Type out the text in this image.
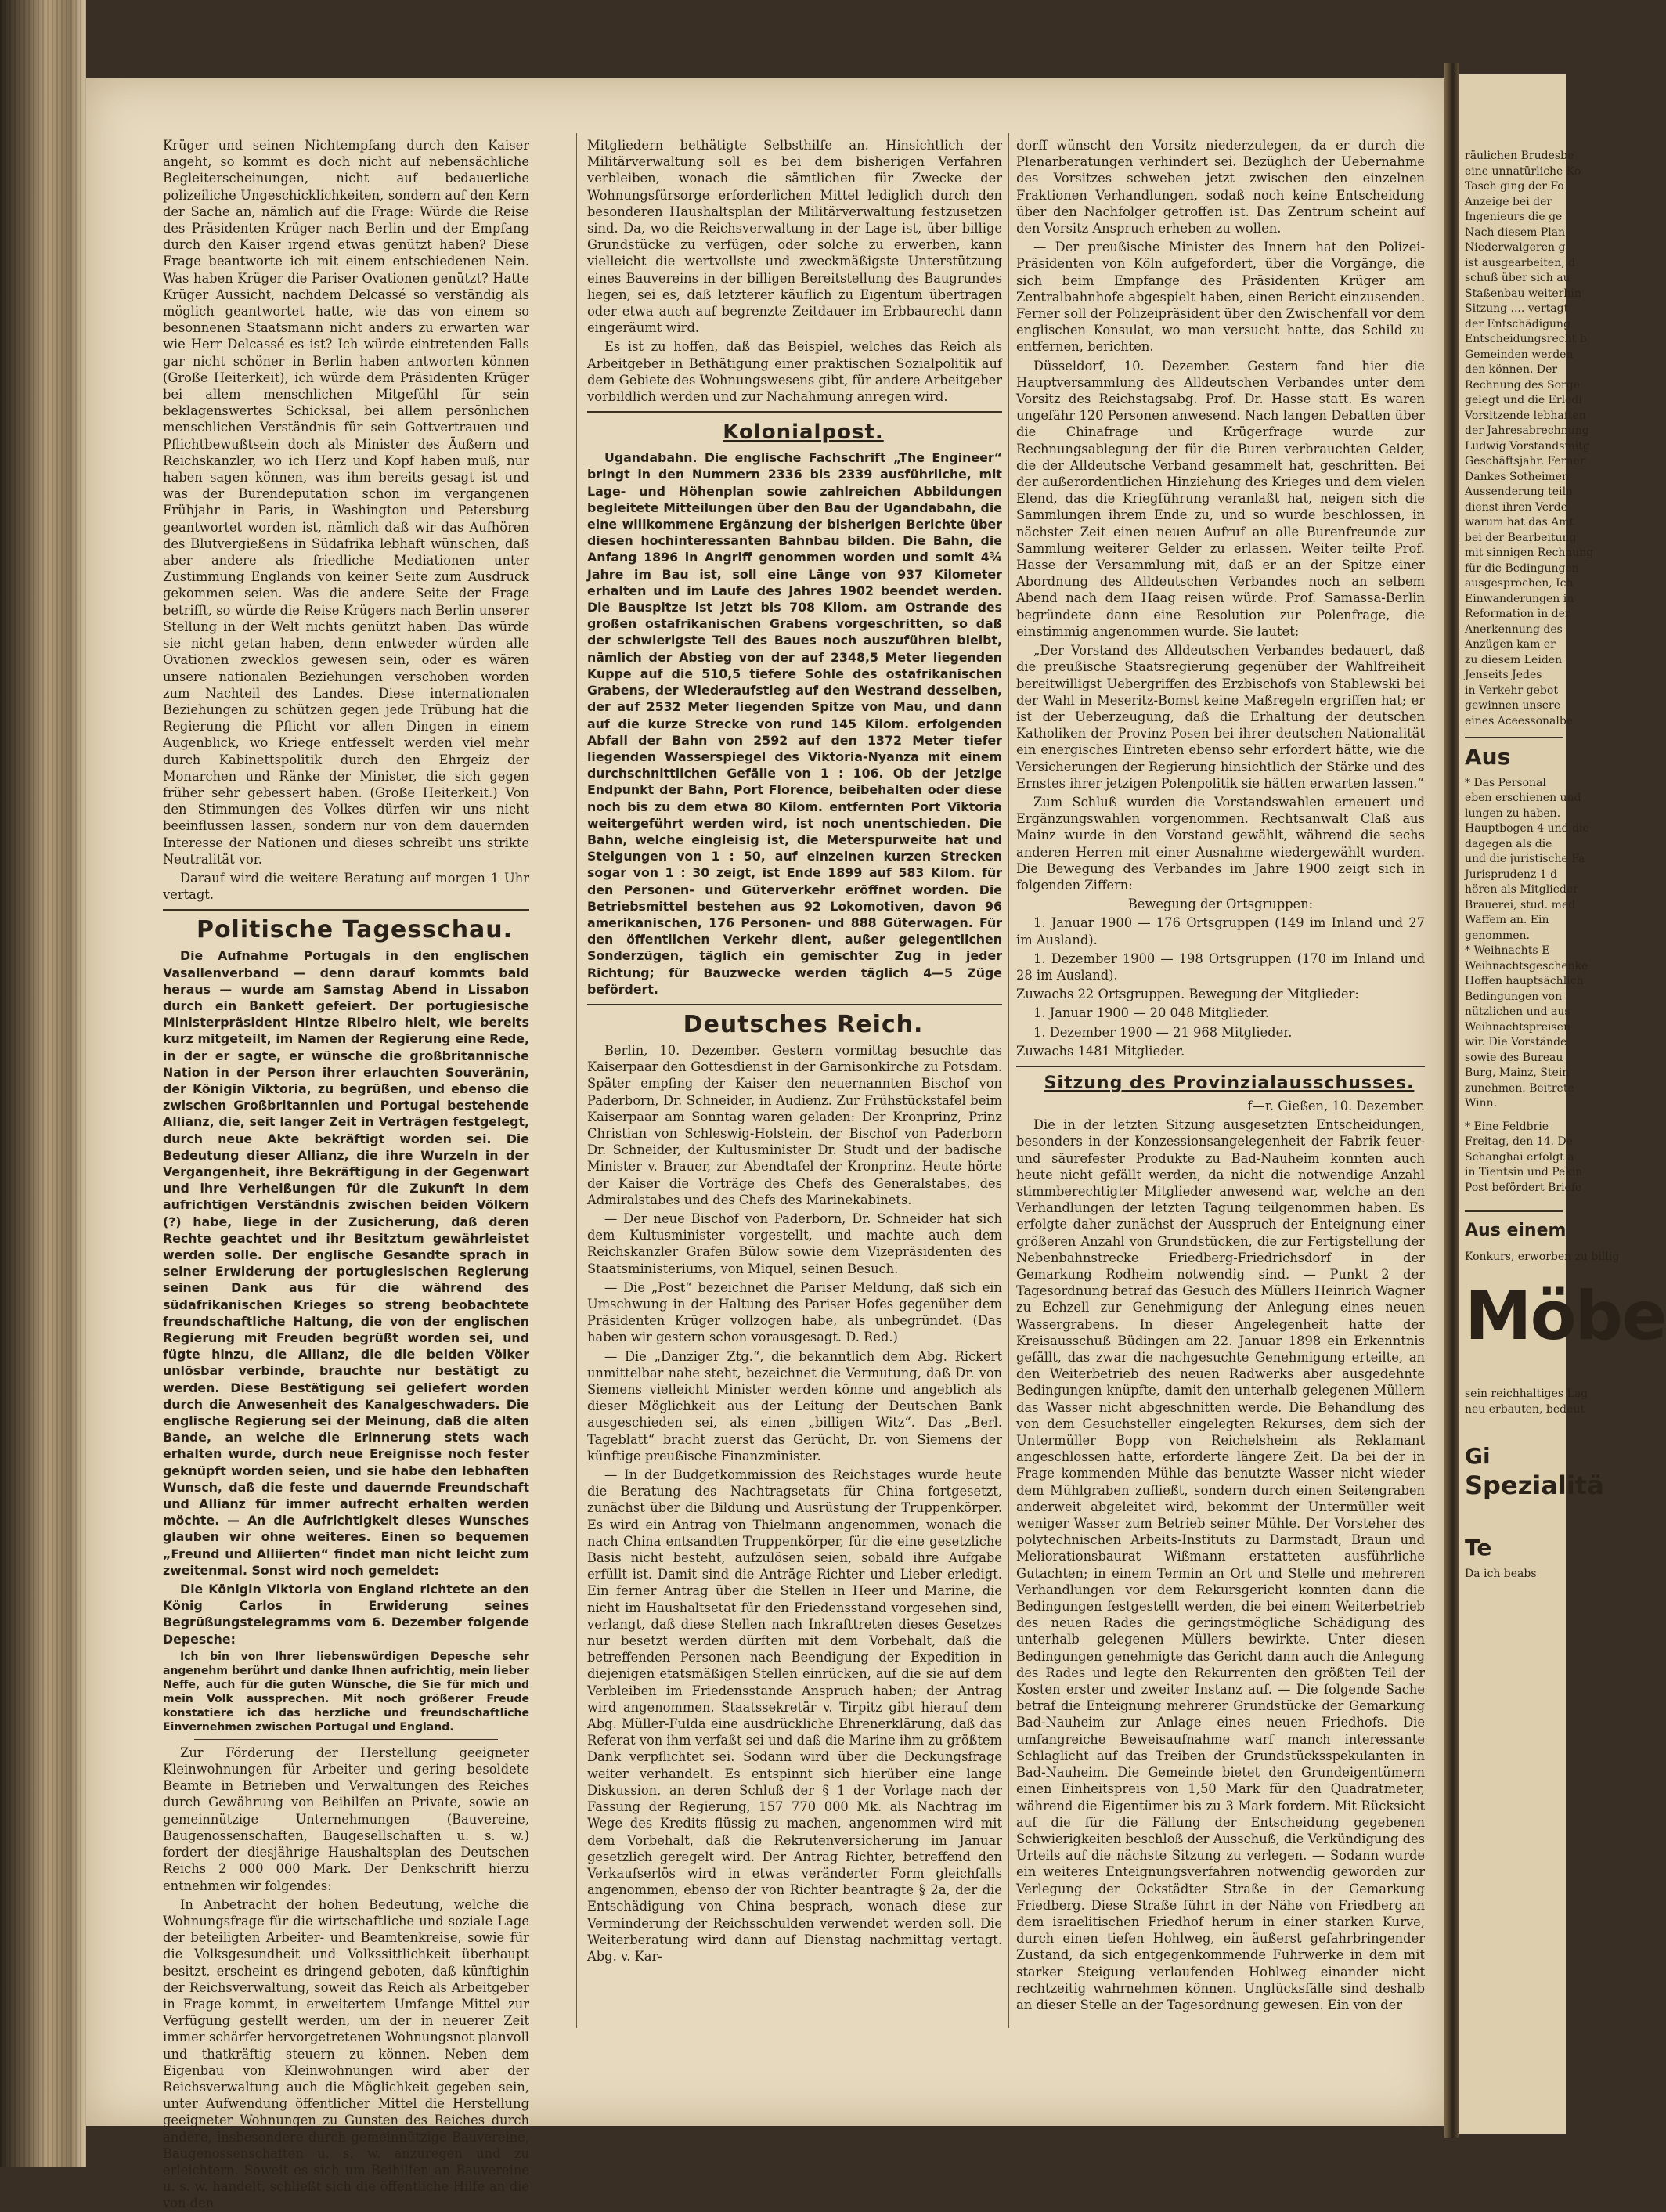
Krüger und seinen Nichtempfang durch den Kaiser angeht, so kommt es doch nicht auf nebensächliche Begleiterscheinungen, nicht auf bedauerliche polizeiliche Ungeschicklichkeiten, sondern auf den Kern der Sache an, nämlich auf die Frage: Würde die Reise des Präsidenten Krüger nach Berlin und der Empfang durch den Kaiser irgend etwas genützt haben? Diese Frage beantworte ich mit einem entschiedenen Nein. Was haben Krüger die Pariser Ovationen genützt? Hatte Krüger Aussicht, nachdem Delcassé so verständig als möglich geantwortet hatte, wie das von einem so besonnenen Staatsmann nicht anders zu erwarten war wie Herr Delcassé es ist? Ich würde eintretenden Falls gar nicht schöner in Berlin haben antworten können (Große Heiterkeit), ich würde dem Präsidenten Krüger bei allem menschlichen Mitgefühl für sein beklagenswertes Schicksal, bei allem persönlichen menschlichen Verständnis für sein Gottvertrauen und Pflichtbewußtsein doch als Minister des Äußern und Reichskanzler, wo ich Herz und Kopf haben muß, nur haben sagen können, was ihm bereits gesagt ist und was der Burendeputation schon im vergangenen Frühjahr in Paris, in Washington und Petersburg geantwortet worden ist, nämlich daß wir das Aufhören des Blutvergießens in Südafrika lebhaft wünschen, daß aber andere als friedliche Mediationen unter Zustimmung Englands von keiner Seite zum Ausdruck gekommen seien. Was die andere Seite der Frage betrifft, so würde die Reise Krügers nach Berlin unserer Stellung in der Welt nichts genützt haben. Das würde sie nicht getan haben, denn entweder würden alle Ovationen zwecklos gewesen sein, oder es wären unsere nationalen Beziehungen verschoben worden zum Nachteil des Landes. Diese internationalen Beziehungen zu schützen gegen jede Trübung hat die Regierung die Pflicht vor allen Dingen in einem Augenblick, wo Kriege entfesselt werden viel mehr durch Kabinettspolitik durch den Ehrgeiz der Monarchen und Ränke der Minister, die sich gegen früher sehr gebessert haben. (Große Heiterkeit.) Von den Stimmungen des Volkes dürfen wir uns nicht beeinflussen lassen, sondern nur von dem dauernden Interesse der Nationen und dieses schreibt uns strikte Neutralität vor.

Darauf wird die weitere Beratung auf morgen 1 Uhr vertagt.

Politische Tagesschau.

Die Aufnahme Portugals in den englischen Vasallenverband — denn darauf kommts bald heraus — wurde am Samstag Abend in Lissabon durch ein Bankett gefeiert. Der portugiesische Ministerpräsident Hintze Ribeiro hielt, wie bereits kurz mitgeteilt, im Namen der Regierung eine Rede, in der er sagte, er wünsche die großbritannische Nation in der Person ihrer erlauchten Souveränin, der Königin Viktoria, zu begrüßen, und ebenso die zwischen Großbritannien und Portugal bestehende Allianz, die, seit langer Zeit in Verträgen festgelegt, durch neue Akte bekräftigt worden sei. Die Bedeutung dieser Allianz, die ihre Wurzeln in der Vergangenheit, ihre Bekräftigung in der Gegenwart und ihre Verheißungen für die Zukunft in dem aufrichtigen Verständnis zwischen beiden Völkern (?) habe, liege in der Zusicherung, daß deren Rechte geachtet und ihr Besitztum gewährleistet werden solle. Der englische Gesandte sprach in seiner Erwiderung der portugiesischen Regierung seinen Dank aus für die während des südafrikanischen Krieges so streng beobachtete freundschaftliche Haltung, die von der englischen Regierung mit Freuden begrüßt worden sei, und fügte hinzu, die Allianz, die die beiden Völker unlösbar verbinde, brauchte nur bestätigt zu werden. Diese Bestätigung sei geliefert worden durch die Anwesenheit des Kanalgeschwaders. Die englische Regierung sei der Meinung, daß die alten Bande, an welche die Erinnerung stets wach erhalten wurde, durch neue Ereignisse noch fester geknüpft worden seien, und sie habe den lebhaften Wunsch, daß die feste und dauernde Freundschaft und Allianz für immer aufrecht erhalten werden möchte. — An die Aufrichtigkeit dieses Wunsches glauben wir ohne weiteres. Einen so bequemen „Freund und Alliierten“ findet man nicht leicht zum zweitenmal. Sonst wird noch gemeldet:

Die Königin Viktoria von England richtete an den König Carlos in Erwiderung seines Begrüßungstelegramms vom 6. Dezember folgende Depesche:

Ich bin von Ihrer liebenswürdigen Depesche sehr angenehm berührt und danke Ihnen aufrichtig, mein lieber Neffe, auch für die guten Wünsche, die Sie für mich und mein Volk aussprechen. Mit noch größerer Freude konstatiere ich das herzliche und freundschaftliche Einvernehmen zwischen Portugal und England.

Zur Förderung der Herstellung geeigneter Kleinwohnungen für Arbeiter und gering besoldete Beamte in Betrieben und Verwaltungen des Reiches durch Gewährung von Beihilfen an Private, sowie an gemeinnützige Unternehmungen (Bauvereine, Baugenossenschaften, Baugesellschaften u. s. w.) fordert der diesjährige Haushaltsplan des Deutschen Reichs 2 000 000 Mark. Der Denkschrift hierzu entnehmen wir folgendes:

In Anbetracht der hohen Bedeutung, welche die Wohnungsfrage für die wirtschaftliche und soziale Lage der beteiligten Arbeiter- und Beamtenkreise, sowie für die Volksgesundheit und Volkssittlichkeit überhaupt besitzt, erscheint es dringend geboten, daß künftighin der Reichsverwaltung, soweit das Reich als Arbeitgeber in Frage kommt, in erweitertem Umfange Mittel zur Verfügung gestellt werden, um der in neuerer Zeit immer schärfer hervorgetretenen Wohnungsnot planvoll und thatkräftig steuern zu können. Neben dem Eigenbau von Kleinwohnungen wird aber der Reichsverwaltung auch die Möglichkeit gegeben sein, unter Aufwendung öffentlicher Mittel die Herstellung geeigneter Wohnungen zu Gunsten des Reiches durch andere, insbesondere durch gemeinnützige Bauvereine, Baugenossenschaften u. s. w. anzuregen und zu erleichtern. Soweit es sich um Beihilfen an Bauvereine u. s. w. handelt, schließt sich die öffentliche Hilfe an die von den

Mitgliedern bethätigte Selbsthilfe an. Hinsichtlich der Militärverwaltung soll es bei dem bisherigen Verfahren verbleiben, wonach die sämtlichen für Zwecke der Wohnungsfürsorge erforderlichen Mittel lediglich durch den besonderen Haushaltsplan der Militärverwaltung festzusetzen sind. Da, wo die Reichsverwaltung in der Lage ist, über billige Grundstücke zu verfügen, oder solche zu erwerben, kann vielleicht die wertvollste und zweckmäßigste Unterstützung eines Bauvereins in der billigen Bereitstellung des Baugrundes liegen, sei es, daß letzterer käuflich zu Eigentum übertragen oder etwa auch auf begrenzte Zeitdauer im Erbbaurecht dann eingeräumt wird.

Es ist zu hoffen, daß das Beispiel, welches das Reich als Arbeitgeber in Bethätigung einer praktischen Sozialpolitik auf dem Gebiete des Wohnungswesens gibt, für andere Arbeitgeber vorbildlich werden und zur Nachahmung anregen wird.

Kolonialpost.

Ugandabahn. Die englische Fachschrift „The Engineer“ bringt in den Nummern 2336 bis 2339 ausführliche, mit Lage- und Höhenplan sowie zahlreichen Abbildungen begleitete Mitteilungen über den Bau der Ugandabahn, die eine willkommene Ergänzung der bisherigen Berichte über diesen hochinteressanten Bahnbau bilden. Die Bahn, die Anfang 1896 in Angriff genommen worden und somit 4¾ Jahre im Bau ist, soll eine Länge von 937 Kilometer erhalten und im Laufe des Jahres 1902 beendet werden. Die Bauspitze ist jetzt bis 708 Kilom. am Ostrande des großen ostafrikanischen Grabens vorgeschritten, so daß der schwierigste Teil des Baues noch auszuführen bleibt, nämlich der Abstieg von der auf 2348,5 Meter liegenden Kuppe auf die 510,5 tiefere Sohle des ostafrikanischen Grabens, der Wiederaufstieg auf den Westrand desselben, der auf 2532 Meter liegenden Spitze von Mau, und dann auf die kurze Strecke von rund 145 Kilom. erfolgenden Abfall der Bahn von 2592 auf den 1372 Meter tiefer liegenden Wasserspiegel des Viktoria-Nyanza mit einem durchschnittlichen Gefälle von 1 : 106. Ob der jetzige Endpunkt der Bahn, Port Florence, beibehalten oder diese noch bis zu dem etwa 80 Kilom. entfernten Port Viktoria weitergeführt werden wird, ist noch unentschieden. Die Bahn, welche eingleisig ist, die Meterspurweite hat und Steigungen von 1 : 50, auf einzelnen kurzen Strecken sogar von 1 : 30 zeigt, ist Ende 1899 auf 583 Kilom. für den Personen- und Güterverkehr eröffnet worden. Die Betriebsmittel bestehen aus 92 Lokomotiven, davon 96 amerikanischen, 176 Personen- und 888 Güterwagen. Für den öffentlichen Verkehr dient, außer gelegentlichen Sonderzügen, täglich ein gemischter Zug in jeder Richtung; für Bauzwecke werden täglich 4—5 Züge befördert.

Deutsches Reich.

Berlin, 10. Dezember. Gestern vormittag besuchte das Kaiserpaar den Gottesdienst in der Garnisonkirche zu Potsdam. Später empfing der Kaiser den neuernannten Bischof von Paderborn, Dr. Schneider, in Audienz. Zur Frühstückstafel beim Kaiserpaar am Sonntag waren geladen: Der Kronprinz, Prinz Christian von Schleswig-Holstein, der Bischof von Paderborn Dr. Schneider, der Kultusminister Dr. Studt und der badische Minister v. Brauer, zur Abendtafel der Kronprinz. Heute hörte der Kaiser die Vorträge des Chefs des Generalstabes, des Admiralstabes und des Chefs des Marinekabinets.

— Der neue Bischof von Paderborn, Dr. Schneider hat sich dem Kultusminister vorgestellt, und machte auch dem Reichskanzler Grafen Bülow sowie dem Vizepräsidenten des Staatsministeriums, von Miquel, seinen Besuch.

— Die „Post“ bezeichnet die Pariser Meldung, daß sich ein Umschwung in der Haltung des Pariser Hofes gegenüber dem Präsidenten Krüger vollzogen habe, als unbegründet. (Das haben wir gestern schon vorausgesagt. D. Red.)

— Die „Danziger Ztg.“, die bekanntlich dem Abg. Rickert unmittelbar nahe steht, bezeichnet die Vermutung, daß Dr. von Siemens vielleicht Minister werden könne und angeblich als dieser Möglichkeit aus der Leitung der Deutschen Bank ausgeschieden sei, als einen „billigen Witz“. Das „Berl. Tageblatt“ bracht zuerst das Gerücht, Dr. von Siemens der künftige preußische Finanzminister.

— In der Budgetkommission des Reichstages wurde heute die Beratung des Nachtragsetats für China fortgesetzt, zunächst über die Bildung und Ausrüstung der Truppenkörper. Es wird ein Antrag von Thielmann angenommen, wonach die nach China entsandten Truppenkörper, für die eine gesetzliche Basis nicht besteht, aufzulösen seien, sobald ihre Aufgabe erfüllt ist. Damit sind die Anträge Richter und Lieber erledigt. Ein ferner Antrag über die Stellen in Heer und Marine, die nicht im Haushaltsetat für den Friedensstand vorgesehen sind, verlangt, daß diese Stellen nach Inkrafttreten dieses Gesetzes nur besetzt werden dürften mit dem Vorbehalt, daß die betreffenden Personen nach Beendigung der Expedition in diejenigen etatsmäßigen Stellen einrücken, auf die sie auf dem Verbleiben im Friedensstande Anspruch haben; der Antrag wird angenommen. Staatssekretär v. Tirpitz gibt hierauf dem Abg. Müller-Fulda eine ausdrückliche Ehrenerklärung, daß das Referat von ihm verfaßt sei und daß die Marine ihm zu größtem Dank verpflichtet sei. Sodann wird über die Deckungsfrage weiter verhandelt. Es entspinnt sich hierüber eine lange Diskussion, an deren Schluß der § 1 der Vorlage nach der Fassung der Regierung, 157 770 000 Mk. als Nachtrag im Wege des Kredits flüssig zu machen, angenommen wird mit dem Vorbehalt, daß die Rekrutenversicherung im Januar gesetzlich geregelt wird. Der Antrag Richter, betreffend den Verkaufserlös wird in etwas veränderter Form gleichfalls angenommen, ebenso der von Richter beantragte § 2a, der die Entschädigung von China besprach, wonach diese zur Verminderung der Reichsschulden verwendet werden soll. Die Weiterberatung wird dann auf Dienstag nachmittag vertagt. Abg. v. Kar-

dorff wünscht den Vorsitz niederzulegen, da er durch die Plenarberatungen verhindert sei. Bezüglich der Uebernahme des Vorsitzes schweben jetzt zwischen den einzelnen Fraktionen Verhandlungen, sodaß noch keine Entscheidung über den Nachfolger getroffen ist. Das Zentrum scheint auf den Vorsitz Anspruch erheben zu wollen.

— Der preußische Minister des Innern hat den Polizei-Präsidenten von Köln aufgefordert, über die Vorgänge, die sich beim Empfange des Präsidenten Krüger am Zentralbahnhofe abgespielt haben, einen Bericht einzusenden. Ferner soll der Polizeipräsident über den Zwischenfall vor dem englischen Konsulat, wo man versucht hatte, das Schild zu entfernen, berichten.

Düsseldorf, 10. Dezember. Gestern fand hier die Hauptversammlung des Alldeutschen Verbandes unter dem Vorsitz des Reichstagsabg. Prof. Dr. Hasse statt. Es waren ungefähr 120 Personen anwesend. Nach langen Debatten über die Chinafrage und Krügerfrage wurde zur Rechnungsablegung der für die Buren verbrauchten Gelder, die der Alldeutsche Verband gesammelt hat, geschritten. Bei der außerordentlichen Hinziehung des Krieges und dem vielen Elend, das die Kriegführung veranlaßt hat, neigen sich die Sammlungen ihrem Ende zu, und so wurde beschlossen, in nächster Zeit einen neuen Aufruf an alle Burenfreunde zur Sammlung weiterer Gelder zu erlassen. Weiter teilte Prof. Hasse der Versammlung mit, daß er an der Spitze einer Abordnung des Alldeutschen Verbandes noch an selbem Abend nach dem Haag reisen würde. Prof. Samassa-Berlin begründete dann eine Resolution zur Polenfrage, die einstimmig angenommen wurde. Sie lautet:

„Der Vorstand des Alldeutschen Verbandes bedauert, daß die preußische Staatsregierung gegenüber der Wahlfreiheit bereitwilligst Uebergriffen des Erzbischofs von Stablewski bei der Wahl in Meseritz-Bomst keine Maßregeln ergriffen hat; er ist der Ueberzeugung, daß die Erhaltung der deutschen Katholiken der Provinz Posen bei ihrer deutschen Nationalität ein energisches Eintreten ebenso sehr erfordert hätte, wie die Versicherungen der Regierung hinsichtlich der Stärke und des Ernstes ihrer jetzigen Polenpolitik sie hätten erwarten lassen.“

Zum Schluß wurden die Vorstandswahlen erneuert und Ergänzungswahlen vorgenommen. Rechtsanwalt Claß aus Mainz wurde in den Vorstand gewählt, während die sechs anderen Herren mit einer Ausnahme wiedergewählt wurden. Die Bewegung des Verbandes im Jahre 1900 zeigt sich in folgenden Ziffern:

Bewegung der Ortsgruppen:

1. Januar 1900 — 176 Ortsgruppen (149 im Inland und 27 im Ausland).

1. Dezember 1900 — 198 Ortsgruppen (170 im Inland und 28 im Ausland).

Zuwachs 22 Ortsgruppen. Bewegung der Mitglieder:

1. Januar 1900 — 20 048 Mitglieder.

1. Dezember 1900 — 21 968 Mitglieder.

Zuwachs 1481 Mitglieder.

Sitzung des Provinzialausschusses.

f—r. Gießen, 10. Dezember.

Die in der letzten Sitzung ausgesetzten Entscheidungen, besonders in der Konzessionsangelegenheit der Fabrik feuer- und säurefester Produkte zu Bad-Nauheim konnten auch heute nicht gefällt werden, da nicht die notwendige Anzahl stimmberechtigter Mitglieder anwesend war, welche an den Verhandlungen der letzten Tagung teilgenommen haben. Es erfolgte daher zunächst der Ausspruch der Enteignung einer größeren Anzahl von Grundstücken, die zur Fertigstellung der Nebenbahnstrecke Friedberg-Friedrichsdorf in der Gemarkung Rodheim notwendig sind. — Punkt 2 der Tagesordnung betraf das Gesuch des Müllers Heinrich Wagner zu Echzell zur Genehmigung der Anlegung eines neuen Wassergrabens. In dieser Angelegenheit hatte der Kreisausschuß Büdingen am 22. Januar 1898 ein Erkenntnis gefällt, das zwar die nachgesuchte Genehmigung erteilte, an den Weiterbetrieb des neuen Radwerks aber ausgedehnte Bedingungen knüpfte, damit den unterhalb gelegenen Müllern das Wasser nicht abgeschnitten werde. Die Behandlung des von dem Gesuchsteller eingelegten Rekurses, dem sich der Untermüller Bopp von Reichelsheim als Reklamant angeschlossen hatte, erforderte längere Zeit. Da bei der in Frage kommenden Mühle das benutzte Wasser nicht wieder dem Mühlgraben zufließt, sondern durch einen Seitengraben anderweit abgeleitet wird, bekommt der Untermüller weit weniger Wasser zum Betrieb seiner Mühle. Der Vorsteher des polytechnischen Arbeits-Instituts zu Darmstadt, Braun und Meliorationsbaurat Wißmann erstatteten ausführliche Gutachten; in einem Termin an Ort und Stelle und mehreren Verhandlungen vor dem Rekursgericht konnten dann die Bedingungen festgestellt werden, die bei einem Weiterbetrieb des neuen Rades die geringstmögliche Schädigung des unterhalb gelegenen Müllers bewirkte. Unter diesen Bedingungen genehmigte das Gericht dann auch die Anlegung des Rades und legte den Rekurrenten den größten Teil der Kosten erster und zweiter Instanz auf. — Die folgende Sache betraf die Enteignung mehrerer Grundstücke der Gemarkung Bad-Nauheim zur Anlage eines neuen Friedhofs. Die umfangreiche Beweisaufnahme warf manch interessante Schlaglicht auf das Treiben der Grundstücksspekulanten in Bad-Nauheim. Die Gemeinde bietet den Grundeigentümern einen Einheitspreis von 1,50 Mark für den Quadratmeter, während die Eigentümer bis zu 3 Mark fordern. Mit Rücksicht auf die für die Fällung der Entscheidung gegebenen Schwierigkeiten beschloß der Ausschuß, die Verkündigung des Urteils auf die nächste Sitzung zu verlegen. — Sodann wurde ein weiteres Enteignungsverfahren notwendig geworden zur Verlegung der Ockstädter Straße in der Gemarkung Friedberg. Diese Straße führt in der Nähe von Friedberg an dem israelitischen Friedhof herum in einer starken Kurve, durch einen tiefen Hohlweg, ein äußerst gefahrbringender Zustand, da sich entgegenkommende Fuhrwerke in dem mit starker Steigung verlaufenden Hohlweg einander nicht rechtzeitig wahrnehmen können. Unglücksfälle sind deshalb an dieser Stelle an der Tagesordnung gewesen. Ein von der

räulichen Brudesbe

eine unnatürliche Ko

Tasch ging der Fo

Anzeige bei der

Ingenieurs die ge

Nach diesem Plan

Niederwalgeren g

ist ausgearbeiten, d

schuß über sich au

Staßenbau weiterhin

Sitzung .... vertagt

der Entschädigung

Entscheidungsrecht b

Gemeinden werden

den können. Der

Rechnung des Sorge

gelegt und die Erledi

Vorsitzende lebhaften

der Jahresabrechnung

Ludwig Vorstandsmitg

Geschäftsjahr. Ferner

Dankes Sotheimen

Aussenderung teiln

dienst ihren Verde

warum hat das Amt

bei der Bearbeitung

mit sinnigen Rechnung

für die Bedingungen

ausgesprochen, Ich

Einwanderungen in

Reformation in der

Anerkennung des

Anzügen kam er

zu diesem Leiden

Jenseits Jedes

in Verkehr gebot

gewinnen unsere

eines Aceessonalbe

Aus

* Das Personal

eben erschienen und

lungen zu haben.

Hauptbogen 4 und die

dagegen als die

und die juristische Fa

Jurisprudenz 1 d

hören als Mitglieder

Brauerei, stud. med

Waffem an. Ein

genommen.

* Weihnachts-E

Weihnachtsgeschenke

Hoffen hauptsächlich

Bedingungen von

nützlichen und aus

Weihnachtspreisen

wir. Die Vorstände

sowie des Bureau

Burg, Mainz, Stein

zunehmen. Beitrete

Winn.

* Eine Feldbrie

Freitag, den 14. De

Schanghai erfolgt a

in Tientsin und Pekin

Post befördert Briefe

Aus einem

Konkurs, erworben zu billig

Möbe

sein reichhaltiges Lag

neu erbauten, bedeut

Gi
Spezialitä
Te

Da ich beabs
